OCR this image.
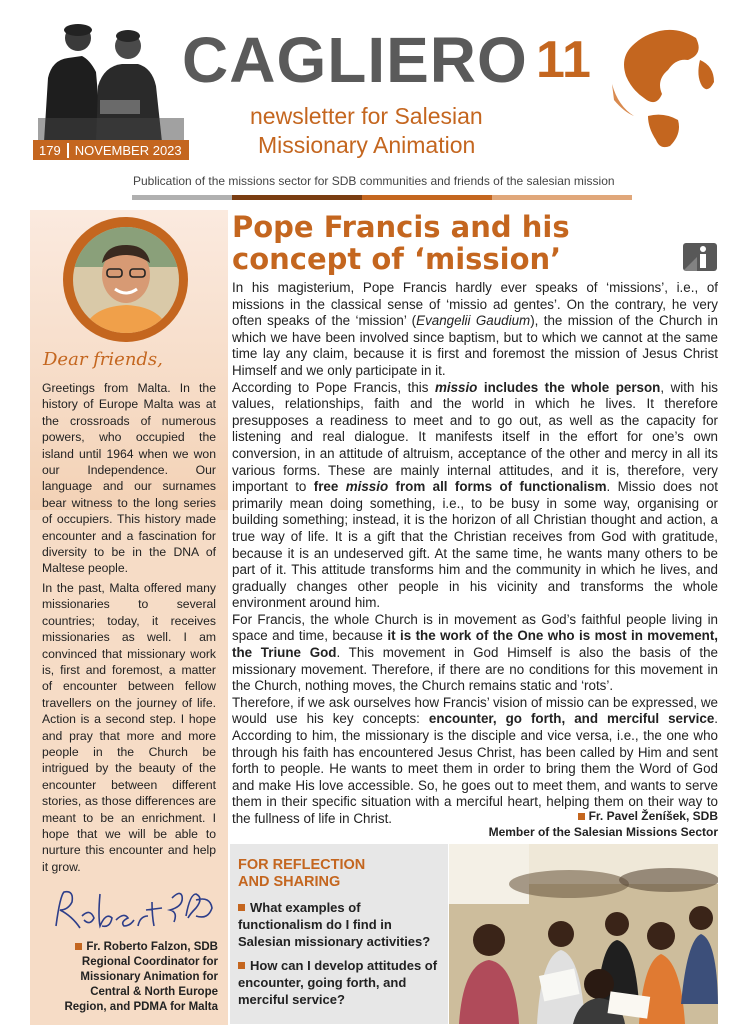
CAGLIERO 11
newsletter for Salesian
Missionary Animation
179	NOVEMBER 2023
Publication of the missions sector for SDB communities and friends of the salesian mission
Dear friends,

Greetings from Malta. In the history of Europe Malta was at the crossroads of numerous powers, who occupied the island until 1964 when we won our Independence. Our language and our surnames bear witness to the long series of occupiers. This history made encounter and a fascination for diversity to be in the DNA of Maltese people.

In the past, Malta offered many missionaries to several countries; today, it receives missionaries as well. I am convinced that missionary work is, first and foremost, a matter of encounter between fellow travellers on the journey of life. Action is a second step. I hope and pray that more and more people in the Church be intrigued by the beauty of the encounter between different stories, as those differences are meant to be an enrichment. I hope that we will be able to nurture this encounter and help it grow.

Fr. Roberto Falzon, SDB
Regional Coordinator for
Missionary Animation for
Central & North Europe
Region, and PDMA for Malta
Pope Francis and his concept of ‘mission’

In his magisterium, Pope Francis hardly ever speaks of ‘missions’, i.e., of missions in the classical sense of ‘missio ad gentes’. On the contrary, he very often speaks of the ‘mission’ (Evangelii Gaudium), the mission of the Church in which we have been involved since baptism, but to which we cannot at the same time lay any claim, because it is first and foremost the mission of Jesus Christ Himself and we only participate in it.

According to Pope Francis, this missio includes the whole person, with his values, relationships, faith and the world in which he lives. It therefore presupposes a readiness to meet and to go out, as well as the capacity for listening and real dialogue. It manifests itself in the effort for one’s own conversion, in an attitude of altruism, acceptance of the other and mercy in all its various forms. These are mainly internal attitudes, and it is, therefore, very important to free missio from all forms of functionalism. Missio does not primarily mean doing something, i.e., to be busy in some way, organising or building something; instead, it is the horizon of all Christian thought and action, a true way of life. It is a gift that the Christian receives from God with gratitude, because it is an undeserved gift. At the same time, he wants many others to be part of it. This attitude transforms him and the community in which he lives, and gradually changes other people in his vicinity and transforms the whole environment around him.

For Francis, the whole Church is in movement as God’s faithful people living in space and time, because it is the work of the One who is most in movement, the Triune God. This movement in God Himself is also the basis of the missionary movement. Therefore, if there are no conditions for this movement in the Church, nothing moves, the Church remains static and ‘rots’.

Therefore, if we ask ourselves how Francis’ vision of missio can be expressed, we would use his key concepts: encounter, go forth, and merciful service. According to him, the missionary is the disciple and vice versa, i.e., the one who through his faith has encountered Jesus Christ, has been called by Him and sent forth to people. He wants to meet them in order to bring them the Word of God and make His love accessible. So, he goes out to meet them, and wants to serve them in their specific situation with a merciful heart, helping them on their way to the fullness of life in Christ.	Fr. Pavel Ženíšek, SDB
Member of the Salesian Missions Sector
FOR REFLECTION
AND SHARING
What examples of functionalism do I find in Salesian missionary activities?
How can I develop attitudes of encounter, going forth, and merciful service?
